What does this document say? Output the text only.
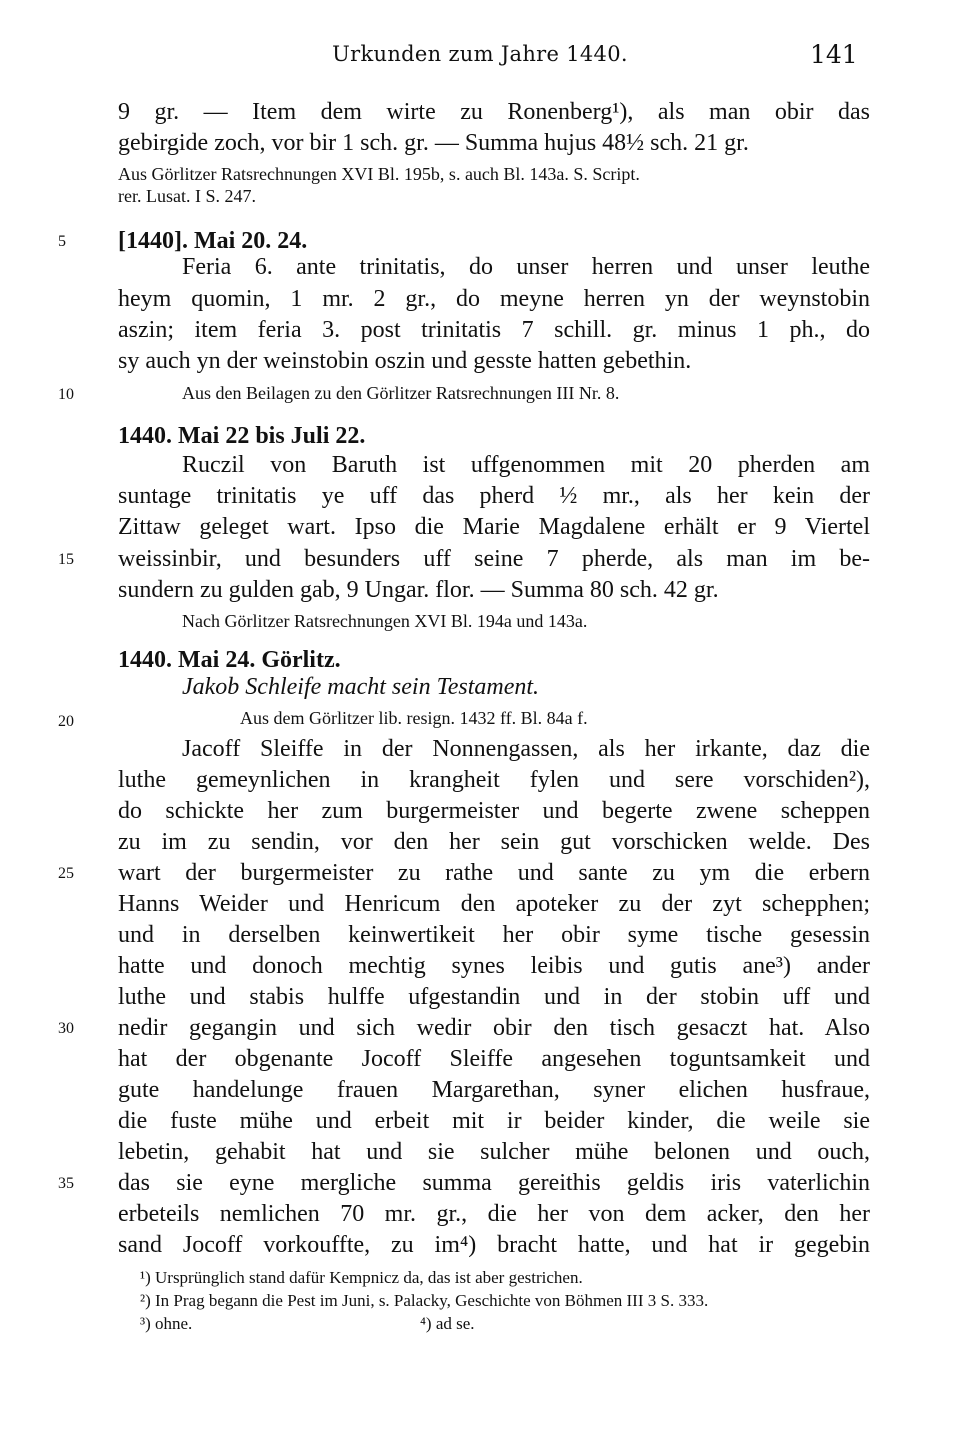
Urkunden zum Jahre 1440.	141
9 gr. — Item dem wirte zu Ronenberg¹), als man obir das
gebirgide zoch, vor bir 1 sch. gr. — Summa hujus 48½ sch. 21 gr.
Aus Görlitzer Ratsrechnungen XVI Bl. 195b, s. auch Bl. 143a. S. Script.
rer. Lusat. I S. 247.
5	[1440]. Mai 20. 24.
Feria 6. ante trinitatis, do unser herren und unser leuthe
heym quomin, 1 mr. 2 gr., do meyne herren yn der weynstobin
aszin; item feria 3. post trinitatis 7 schill. gr. minus 1 ph., do
sy auch yn der weinstobin oszin und gesste hatten gebethin.
10	Aus den Beilagen zu den Görlitzer Ratsrechnungen III Nr. 8.
1440. Mai 22 bis Juli 22.
Ruczil von Baruth ist uffgenommen mit 20 pherden am
suntage trinitatis ye uff das pherd ½ mr., als her kein der
Zittaw geleget wart. Ipso die Marie Magdalene erhält er 9 Viertel
15	weissinbir, und besunders uff seine 7 pherde, als man im be-
sundern zu gulden gab, 9 Ungar. flor. — Summa 80 sch. 42 gr.
Nach Görlitzer Ratsrechnungen XVI Bl. 194a und 143a.
1440. Mai 24. Görlitz.
Jakob Schleife macht sein Testament.
20	Aus dem Görlitzer lib. resign. 1432 ff. Bl. 84a f.
Jacoff Sleiffe in der Nonnengassen, als her irkante, daz die
luthe gemeynlichen in krangheit fylen und sere vorschiden²),
do schickte her zum burgermeister und begerte zwene scheppen
zu im zu sendin, vor den her sein gut vorschicken welde. Des
25	wart der burgermeister zu rathe und sante zu ym die erbern
Hanns Weider und Henricum den apoteker zu der zyt schepphen;
und in derselben keinwertikeit her obir syme tische gesessin
hatte und donoch mechtig synes leibis und gutis ane³) ander
luthe und stabis hulffe ufgestandin und in der stobin uff und
30	nedir gegangin und sich wedir obir den tisch gesaczt hat. Also
hat der obgenante Jocoff Sleiffe angesehen toguntsamkeit und
gute handelunge frauen Margarethan, syner elichen husfraue,
die fuste mühe und erbeit mit ir beider kinder, die weile sie
lebetin, gehabit hat und sie sulcher mühe belonen und ouch,
35	das sie eyne mergliche summa gereithis geldis iris vaterlichin
erbeteils nemlichen 70 mr. gr., die her von dem acker, den her
sand Jocoff vorkouffte, zu im⁴) bracht hatte, und hat ir gegebin
¹) Ursprünglich stand dafür Kempnicz da, das ist aber gestrichen.
²) In Prag begann die Pest im Juni, s. Palacky, Geschichte von Böhmen III 3 S. 333.
³) ohne.	⁴) ad se.
